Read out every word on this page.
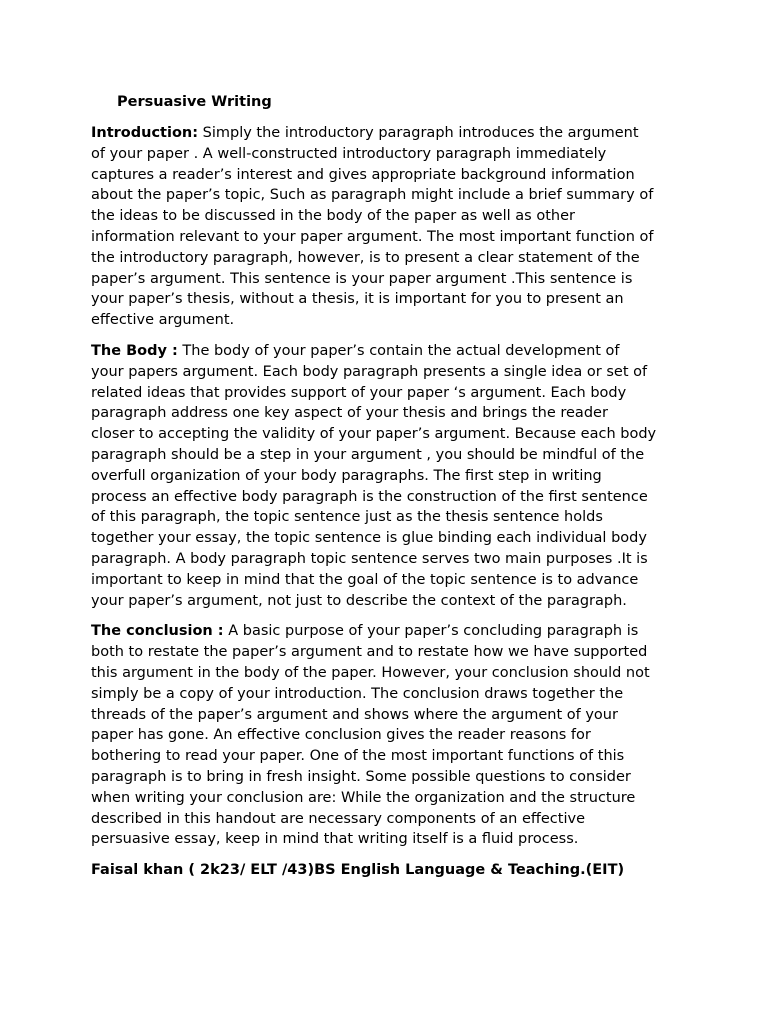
Persuasive Writing

Introduction: Simply the introductory paragraph introduces the argument
of your paper . A well-constructed introductory paragraph immediately
captures a reader’s interest and gives appropriate background information
about the paper’s topic, Such as paragraph might include a brief summary of
the ideas to be discussed in the body of the paper as well as other
information relevant to your paper argument. The most important function of
the introductory paragraph, however, is to present a clear statement of the
paper’s argument. This sentence is your paper argument .This sentence is
your paper’s thesis, without a thesis, it is important for you to present an
effective argument.

The Body : The body of your paper’s contain the actual development of
your papers argument. Each body paragraph presents a single idea or set of
related ideas that provides support of your paper ‘s argument. Each body
paragraph address one key aspect of your thesis and brings the reader
closer to accepting the validity of your paper’s argument. Because each body
paragraph should be a step in your argument , you should be mindful of the
overfull organization of your body paragraphs. The first step in writing
process an effective body paragraph is the construction of the first sentence
of this paragraph, the topic sentence just as the thesis sentence holds
together your essay, the topic sentence is glue binding each individual body
paragraph. A body paragraph topic sentence serves two main purposes .It is
important to keep in mind that the goal of the topic sentence is to advance
your paper’s argument, not just to describe the context of the paragraph.

The conclusion : A basic purpose of your paper’s concluding paragraph is
both to restate the paper’s argument and to restate how we have supported
this argument in the body of the paper. However, your conclusion should not
simply be a copy of your introduction. The conclusion draws together the
threads of the paper’s argument and shows where the argument of your
paper has gone. An effective conclusion gives the reader reasons for
bothering to read your paper. One of the most important functions of this
paragraph is to bring in fresh insight. Some possible questions to consider
when writing your conclusion are: While the organization and the structure
described in this handout are necessary components of an effective
persuasive essay, keep in mind that writing itself is a fluid process.

Faisal khan ( 2k23/ ELT /43)BS English Language & Teaching.(EIT)
